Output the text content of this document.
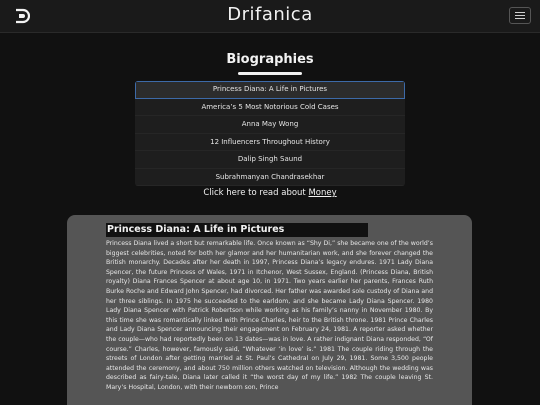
Drifanica
Biographies
Princess Diana: A Life in Pictures
America’s 5 Most Notorious Cold Cases
Anna May Wong
12 Influencers Throughout History
Dalip Singh Saund
Subrahmanyan Chandrasekhar
Click here to read about Money
Princess Diana: A Life in Pictures

Princess Diana lived a short but remarkable life. Once known as “Shy Di,” she became one of the world’s biggest celebrities, noted for both her glamor and her humanitarian work, and she forever changed the British monarchy. Decades after her death in 1997, Princess Diana’s legacy endures. 1971 Lady Diana Spencer, the future Princess of Wales, 1971 in Itchenor, West Sussex, England. (Princess Diana, British royalty) Diana Frances Spencer at about age 10, in 1971. Two years earlier her parents, Frances Ruth Burke Roche and Edward John Spencer, had divorced. Her father was awarded sole custody of Diana and her three siblings. In 1975 he succeeded to the earldom, and she became Lady Diana Spencer. 1980 Lady Diana Spencer with Patrick Robertson while working as his family’s nanny in November 1980. By this time she was romantically linked with Prince Charles, heir to the British throne. 1981 Prince Charles and Lady Diana Spencer announcing their engagement on February 24, 1981. A reporter asked whether the couple—who had reportedly been on 13 dates—was in love. A rather indignant Diana responded, “Of course.” Charles, however, famously said, “Whatever ‘in love’ is.” 1981 The couple riding through the streets of London after getting married at St. Paul’s Cathedral on July 29, 1981. Some 3,500 people attended the ceremony, and about 750 million others watched on television. Although the wedding was described as fairy-tale, Diana later called it “the worst day of my life.” 1982 The couple leaving St. Mary’s Hospital, London, with their newborn son, Prince
